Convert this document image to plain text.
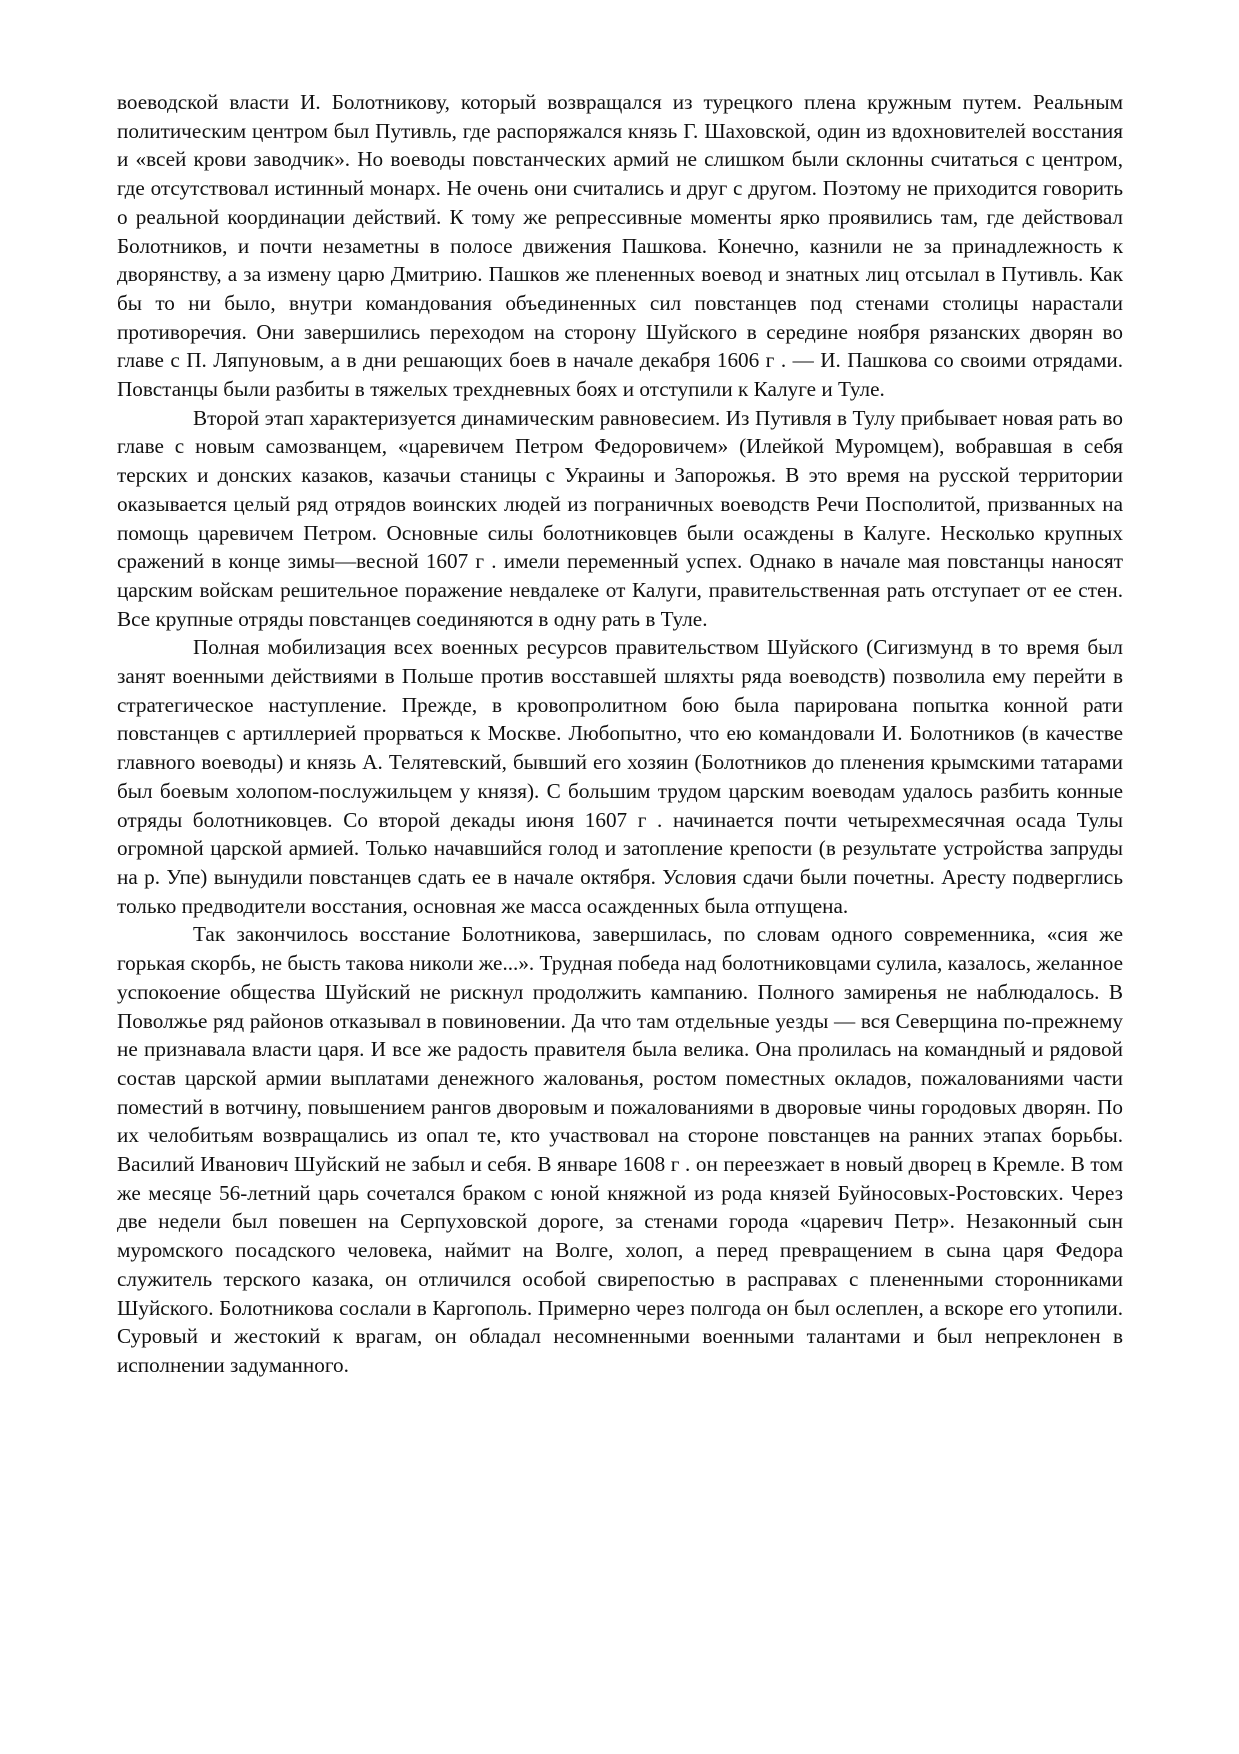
воеводской власти И. Болотникову, который возвращался из турецкого плена кружным путем. Реальным политическим центром был Путивль, где распоряжался князь Г. Шаховской, один из вдохновителей восстания и «всей крови заводчик». Но воеводы повстанческих армий не слишком были склонны считаться с центром, где отсутствовал истинный монарх. Не очень они считались и друг с другом. Поэтому не приходится говорить о реальной координации действий. К тому же репрессивные моменты ярко проявились там, где действовал Болотников, и почти незаметны в полосе движения Пашкова. Конечно, казнили не за принадлежность к дворянству, а за измену царю Дмитрию. Пашков же плененных воевод и знатных лиц отсылал в Путивль. Как бы то ни было, внутри командования объединенных сил повстанцев под стенами столицы нарастали противоречия. Они завершились переходом на сторону Шуйского в середине ноября рязанских дворян во главе с П. Ляпуновым, а в дни решающих боев в начале декабря 1606 г . — И. Пашкова со своими отрядами. Повстанцы были разбиты в тяжелых трехдневных боях и отступили к Калуге и Туле.

Второй этап характеризуется динамическим равновесием. Из Путивля в Тулу прибывает новая рать во главе с новым самозванцем, «царевичем Петром Федоровичем» (Илейкой Муромцем), вобравшая в себя терских и донских казаков, казачьи станицы с Украины и Запорожья. В это время на русской территории оказывается целый ряд отрядов воинских людей из пограничных воеводств Речи Посполитой, призванных на помощь царевичем Петром. Основные силы болотниковцев были осаждены в Калуге. Несколько крупных сражений в конце зимы—весной 1607 г . имели переменный успех. Однако в начале мая повстанцы наносят царским войскам решительное поражение невдалеке от Калуги, правительственная рать отступает от ее стен. Все крупные отряды повстанцев соединяются в одну рать в Туле.

Полная мобилизация всех военных ресурсов правительством Шуйского (Сигизмунд в то время был занят военными действиями в Польше против восставшей шляхты ряда воеводств) позволила ему перейти в стратегическое наступление. Прежде, в кровопролитном бою была парирована попытка конной рати повстанцев с артиллерией прорваться к Москве. Любопытно, что ею командовали И. Болотников (в качестве главного воеводы) и князь А. Телятевский, бывший его хозяин (Болотников до пленения крымскими татарами был боевым холопом-послужильцем у князя). С большим трудом царским воеводам удалось разбить конные отряды болотниковцев. Со второй декады июня 1607 г . начинается почти четырехмесячная осада Тулы огромной царской армией. Только начавшийся голод и затопление крепости (в результате устройства запруды на р. Упе) вынудили повстанцев сдать ее в начале октября. Условия сдачи были почетны. Аресту подверглись только предводители восстания, основная же масса осажденных была отпущена.

Так закончилось восстание Болотникова, завершилась, по словам одного современника, «сия же горькая скорбь, не бысть такова николи же...». Трудная победа над болотниковцами сулила, казалось, желанное успокоение общества Шуйский не рискнул продолжить кампанию. Полного замиренья не наблюдалось. В Поволжье ряд районов отказывал в повиновении. Да что там отдельные уезды — вся Северщина по-прежнему не признавала власти царя. И все же радость правителя была велика. Она пролилась на командный и рядовой состав царской армии выплатами денежного жалованья, ростом поместных окладов, пожалованиями части поместий в вотчину, повышением рангов дворовым и пожалованиями в дворовые чины городовых дворян. По их челобитьям возвращались из опал те, кто участвовал на стороне повстанцев на ранних этапах борьбы. Василий Иванович Шуйский не забыл и себя. В январе 1608 г . он переезжает в новый дворец в Кремле. В том же месяце 56-летний царь сочетался браком с юной княжной из рода князей Буйносовых-Ростовских. Через две недели был повешен на Серпуховской дороге, за стенами города «царевич Петр». Незаконный сын муромского посадского человека, наймит на Волге, холоп, а перед превращением в сына царя Федора служитель терского казака, он отличился особой свирепостью в расправах с плененными сторонниками Шуйского. Болотникова сослали в Каргополь. Примерно через полгода он был ослеплен, а вскоре его утопили. Суровый и жестокий к врагам, он обладал несомненными военными талантами и был непреклонен в исполнении задуманного.
